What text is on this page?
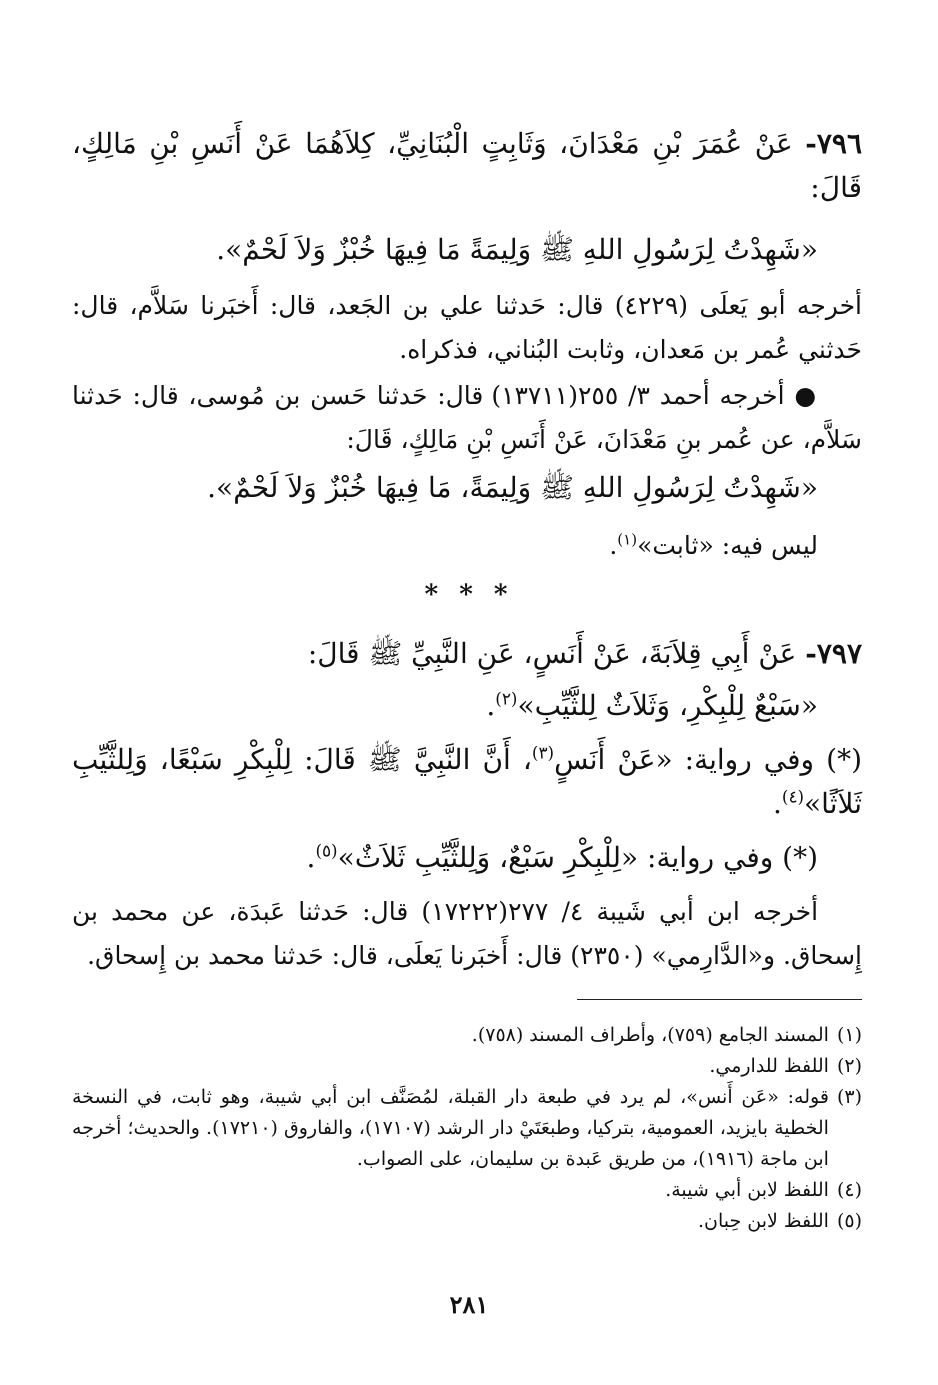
٧٩٦- عَنْ عُمَرَ بْنِ مَعْدَانَ، وَثَابِتٍ الْبُنَانِيِّ، كِلاَهُمَا عَنْ أَنَسِ بْنِ مَالِكٍ، قَالَ:
«شَهِدْتُ لِرَسُولِ اللهِ ﷺ وَلِيمَةً مَا فِيهَا خُبْزٌ وَلاَ لَحْمٌ».
أخرجه أبو يَعلَى (٤٢٢٩) قال: حَدثنا علي بن الجَعد، قال: أَخبَرنا سَلاَّم، قال: حَدثني عُمر بن مَعدان، وثابت البُناني، فذكراه.
● أخرجه أحمد ٣/ ٢٥٥(١٣٧١١) قال: حَدثنا حَسن بن مُوسى، قال: حَدثنا سَلاَّم، عن عُمر بنِ مَعْدَانَ، عَنْ أَنَسِ بْنِ مَالِكٍ، قَالَ:
«شَهِدْتُ لِرَسُولِ اللهِ ﷺ وَلِيمَةً، مَا فِيهَا خُبْزٌ وَلاَ لَحْمٌ».
ليس فيه: «ثابت»$^{(١)}$.
* * *
٧٩٧- عَنْ أَبِي قِلاَبَةَ، عَنْ أَنَسٍ، عَنِ النَّبِيِّ ﷺ قَالَ:
«سَبْعٌ لِلْبِكْرِ، وَثَلاَثٌ لِلثَّيِّبِ»$^{(٢)}$.
(*) وفي رواية: «عَنْ أَنَسٍ$^{(٣)}$، أَنَّ النَّبِيَّ ﷺ قَالَ: لِلْبِكْرِ سَبْعًا، وَلِلثَّيِّبِ ثَلاَثًا»$^{(٤)}$.
(*) وفي رواية: «لِلْبِكْرِ سَبْعٌ، وَلِلثَّيِّبِ ثَلاَثٌ»$^{(٥)}$.
أخرجه ابن أبي شَيبة ٤/ ٢٧٧(١٧٢٢٢) قال: حَدثنا عَبدَة، عن محمد بن إِسحاق. و«الدَّارِمي» (٢٣٥٠) قال: أَخبَرنا يَعلَى، قال: حَدثنا محمد بن إِسحاق.
(١)
المسند الجامع (٧٥٩)، وأطراف المسند (٧٥٨).
(٢)
اللفظ للدارمي.
(٣)
قوله: «عَن أَنس»، لم يرد في طبعة دار القبلة، لمُصَنَّف ابن أبي شيبة، وهو ثابت، في النسخة الخطية بايزيد، العمومية، بتركيا، وطبعَتَيْ دار الرشد (١٧١٠٧)، والفاروق (١٧٢١٠). والحديث؛ أخرجه ابن ماجة (١٩١٦)، من طريق عَبدة بن سليمان، على الصواب.
(٤)
اللفظ لابن أبي شيبة.
(٥)
اللفظ لابن حِبان.
٢٨١
